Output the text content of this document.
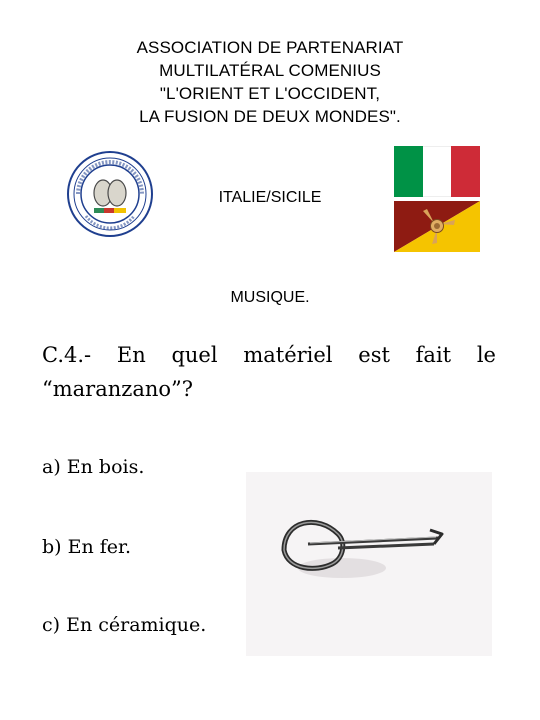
ASSOCIATION DE PARTENARIAT
MULTILATÉRAL COMENIUS
"L'ORIENT ET L'OCCIDENT,
LA FUSION DE DEUX MONDES".
ITALIE/SICILE
MUSIQUE.
C.4.- En quel matériel est fait le
“maranzano”?
a) En bois.
b) En fer.
c) En céramique.
